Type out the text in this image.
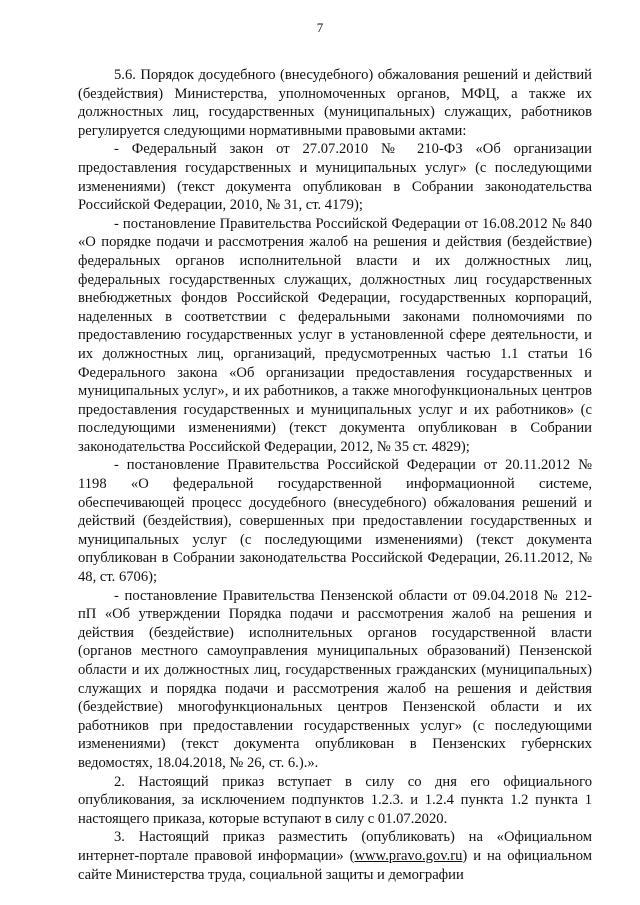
7

5.6. Порядок досудебного (внесудебного) обжалования решений и действий (бездействия) Министерства, уполномоченных органов, МФЦ, а также их должностных лиц, государственных (муниципальных) служащих, работников регулируется следующими нормативными правовыми актами:

- Федеральный закон от 27.07.2010 № 210-ФЗ «Об организации предоставления государственных и муниципальных услуг» (с последующими изменениями) (текст документа опубликован в Собрании законодательства Российской Федерации, 2010, № 31, ст. 4179);

- постановление Правительства Российской Федерации от 16.08.2012 № 840 «О порядке подачи и рассмотрения жалоб на решения и действия (бездействие) федеральных органов исполнительной власти и их должностных лиц, федеральных государственных служащих, должностных лиц государственных внебюджетных фондов Российской Федерации, государственных корпораций, наделенных в соответствии с федеральными законами полномочиями по предоставлению государственных услуг в установленной сфере деятельности, и их должностных лиц, организаций, предусмотренных частью 1.1 статьи 16 Федерального закона «Об организации предоставления государственных и муниципальных услуг», и их работников, а также многофункциональных центров предоставления государственных и муниципальных услуг и их работников» (с последующими изменениями) (текст документа опубликован в Собрании законодательства Российской Федерации, 2012, № 35 ст. 4829);

- постановление Правительства Российской Федерации от 20.11.2012 № 1198 «О федеральной государственной информационной системе, обеспечивающей процесс досудебного (внесудебного) обжалования решений и действий (бездействия), совершенных при предоставлении государственных и муниципальных услуг (с последующими изменениями) (текст документа опубликован в Собрании законодательства Российской Федерации, 26.11.2012, № 48, ст. 6706);

- постановление Правительства Пензенской области от 09.04.2018 № 212-пП «Об утверждении Порядка подачи и рассмотрения жалоб на решения и действия (бездействие) исполнительных органов государственной власти (органов местного самоуправления муниципальных образований) Пензенской области и их должностных лиц, государственных гражданских (муниципальных) служащих и порядка подачи и рассмотрения жалоб на решения и действия (бездействие) многофункциональных центров Пензенской области и их работников при предоставлении государственных услуг» (с последующими изменениями) (текст документа опубликован в Пензенских губернских ведомостях, 18.04.2018, № 26, ст. 6.).».

2. Настоящий приказ вступает в силу со дня его официального опубликования, за исключением подпунктов 1.2.3. и 1.2.4 пункта 1.2 пункта 1 настоящего приказа, которые вступают в силу с 01.07.2020.

3. Настоящий приказ разместить (опубликовать) на «Официальном интернет-портале правовой информации» (www.pravo.gov.ru) и на официальном сайте Министерства труда, социальной защиты и демографии
